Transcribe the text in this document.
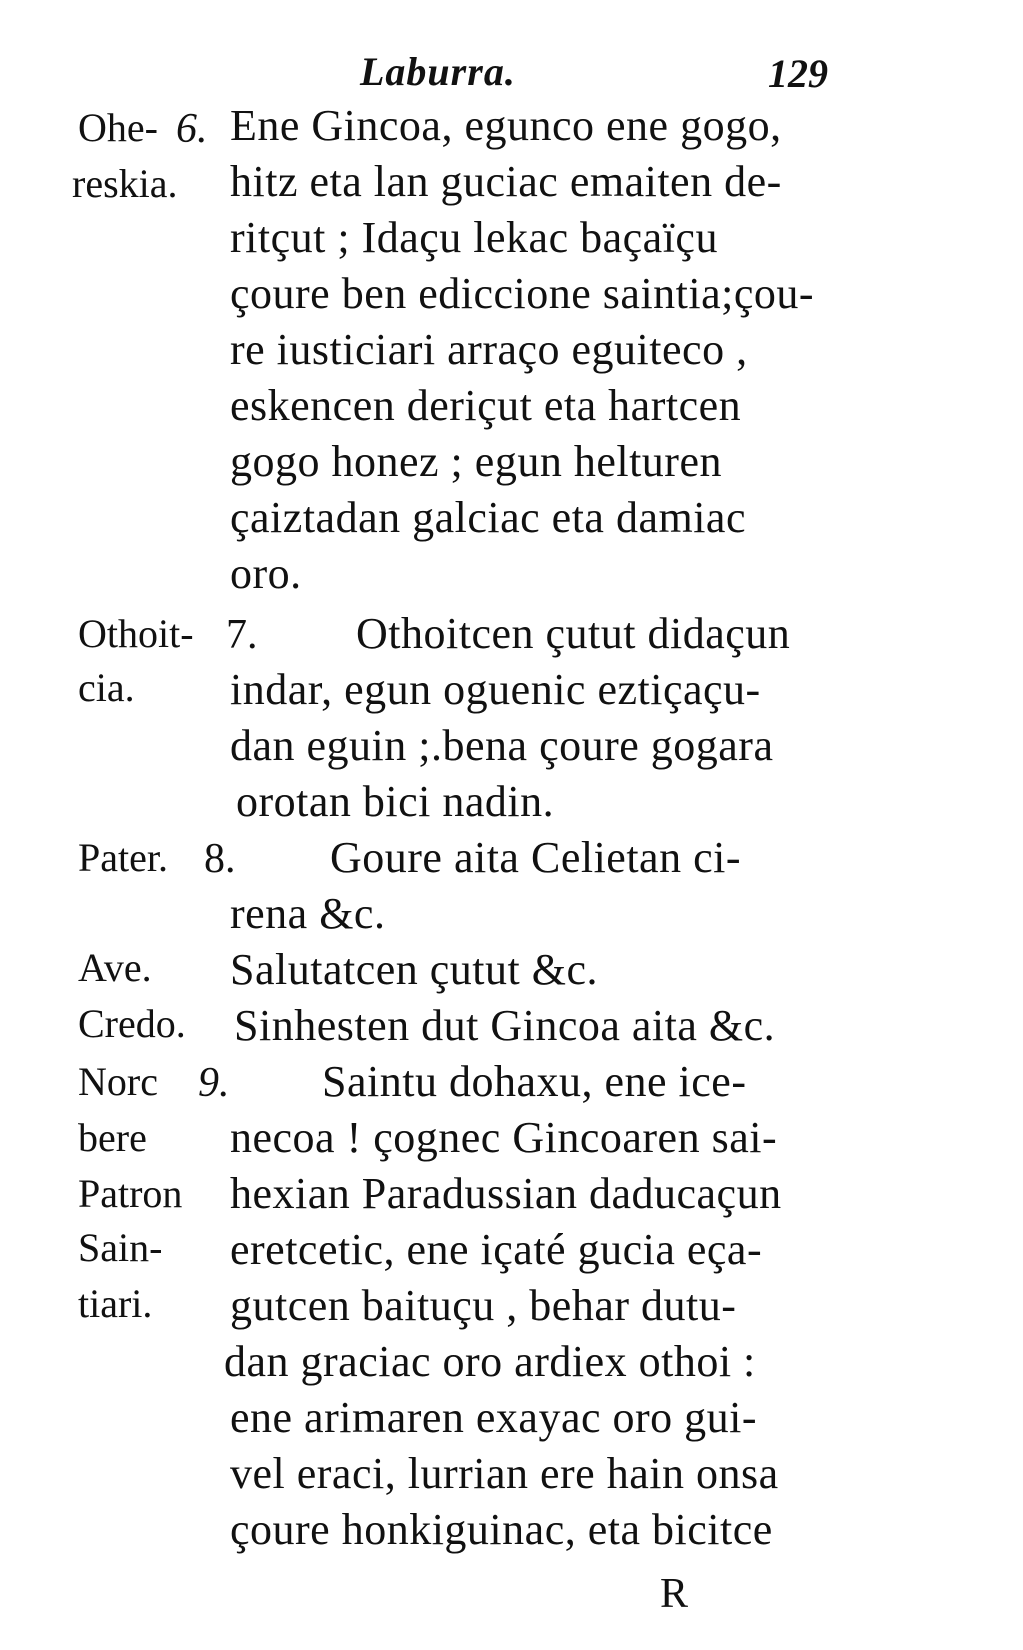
Laburra.	129
Ohe-
reskia.
Othoit-
cia.
Pater.
Ave.
Credo.
Norc
bere
Patron
Sain-
tiari.
6.
7.
8.
9.
Ene Gincoa, egunco ene gogo,
hitz eta lan guciac emaiten de-
ritçut ; Idaçu lekac baçaïçu
çoure ben ediccione saintia;çou-
re iusticiari arraço eguiteco ,
eskencen deriçut eta hartcen
gogo honez ; egun helturen
çaiztadan galciac eta damiac
oro.
Othoitcen çutut didaçun
indar, egun oguenic eztiçaçu-
dan eguin ;.bena çoure gogara
orotan bici nadin.
Goure aita Celietan ci-
rena &c.
Salutatcen çutut &c.
Sinhesten dut Gincoa aita &c.
Saintu dohaxu, ene ice-
necoa ! çognec Gincoaren sai-
hexian Paradussian daducaçun
eretcetic, ene içaté gucia eça-
gutcen baituçu , behar dutu-
dan graciac oro ardiex othoi :
ene arimaren exayac oro gui-
vel eraci, lurrian ere hain onsa
çoure honkiguinac, eta bicitce
R
